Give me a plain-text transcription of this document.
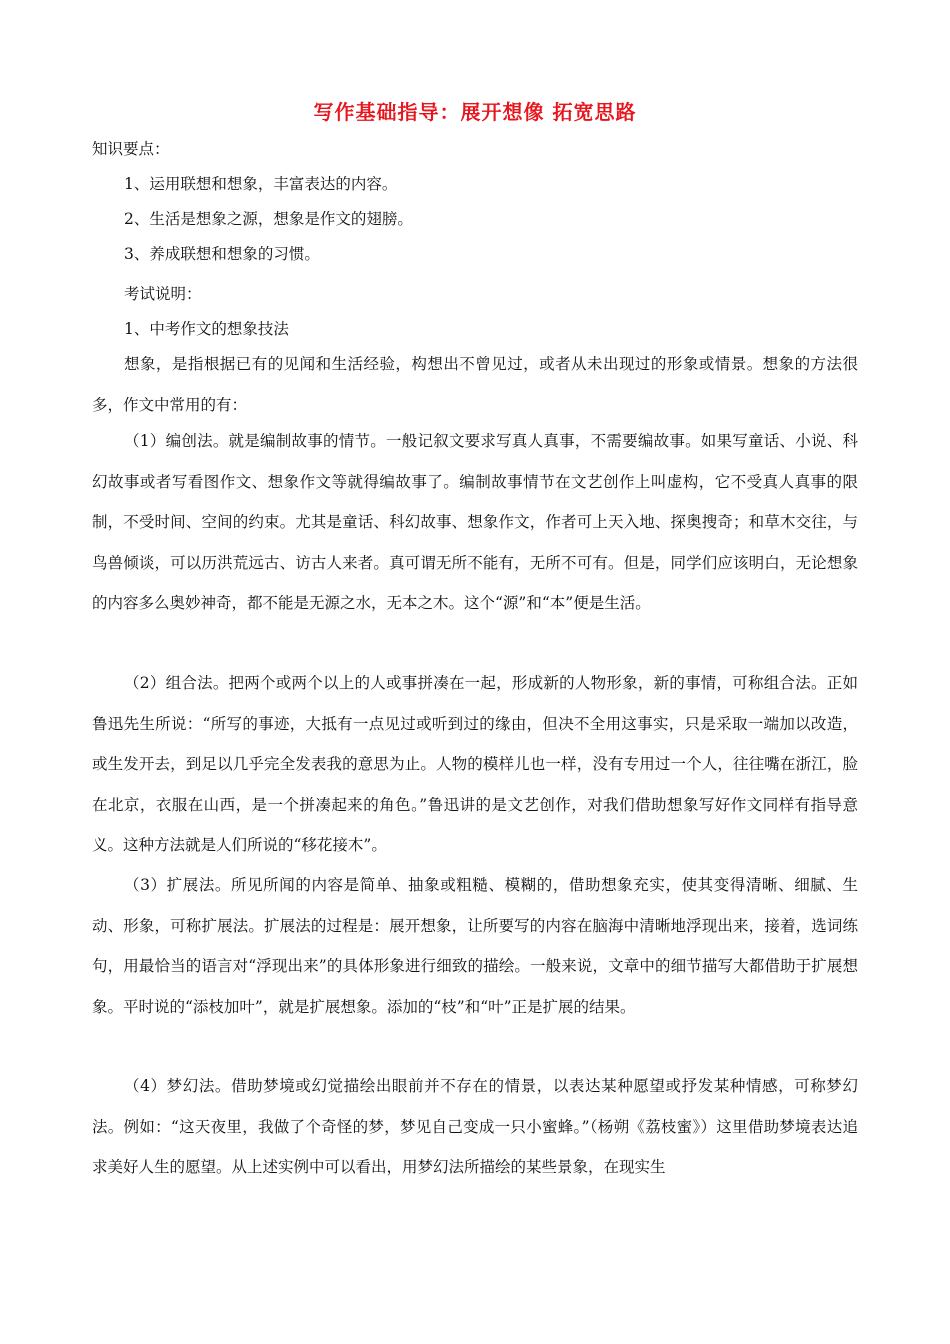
写作基础指导：展开想像 拓宽思路
知识要点：
1、运用联想和想象，丰富表达的内容。
2、生活是想象之源，想象是作文的翅膀。
3、养成联想和想象的习惯。
考试说明：
1、中考作文的想象技法
想象，是指根据已有的见闻和生活经验，构想出不曾见过，或者从未出现过的形象或情景。想象的方法很多，作文中常用的有：
（1）编创法。就是编制故事的情节。一般记叙文要求写真人真事，不需要编故事。如果写童话、小说、科幻故事或者写看图作文、想象作文等就得编故事了。编制故事情节在文艺创作上叫虚构，它不受真人真事的限制，不受时间、空间的约束。尤其是童话、科幻故事、想象作文，作者可上天入地、探奥搜奇；和草木交往，与鸟兽倾谈，可以历洪荒远古、访古人来者。真可谓无所不能有，无所不可有。但是，同学们应该明白，无论想象的内容多么奥妙神奇，都不能是无源之水，无本之木。这个“源”和“本”便是生活。
（2）组合法。把两个或两个以上的人或事拼凑在一起，形成新的人物形象，新的事情，可称组合法。正如鲁迅先生所说：“所写的事迹，大抵有一点见过或听到过的缘由，但决不全用这事实，只是采取一端加以改造，或生发开去，到足以几乎完全发表我的意思为止。人物的模样儿也一样，没有专用过一个人，往往嘴在浙江，脸在北京，衣服在山西，是一个拼凑起来的角色。”鲁迅讲的是文艺创作，对我们借助想象写好作文同样有指导意义。这种方法就是人们所说的“移花接木”。
（3）扩展法。所见所闻的内容是简单、抽象或粗糙、模糊的，借助想象充实，使其变得清晰、细腻、生动、形象，可称扩展法。扩展法的过程是：展开想象，让所要写的内容在脑海中清晰地浮现出来，接着，选词练句，用最恰当的语言对“浮现出来”的具体形象进行细致的描绘。一般来说，文章中的细节描写大都借助于扩展想象。平时说的“添枝加叶”，就是扩展想象。添加的“枝”和“叶”正是扩展的结果。
（4）梦幻法。借助梦境或幻觉描绘出眼前并不存在的情景，以表达某种愿望或抒发某种情感，可称梦幻法。例如：“这天夜里，我做了个奇怪的梦，梦见自己变成一只小蜜蜂。”（杨朔《荔枝蜜》）这里借助梦境表达追求美好人生的愿望。从上述实例中可以看出，用梦幻法所描绘的某些景象，在现实生
